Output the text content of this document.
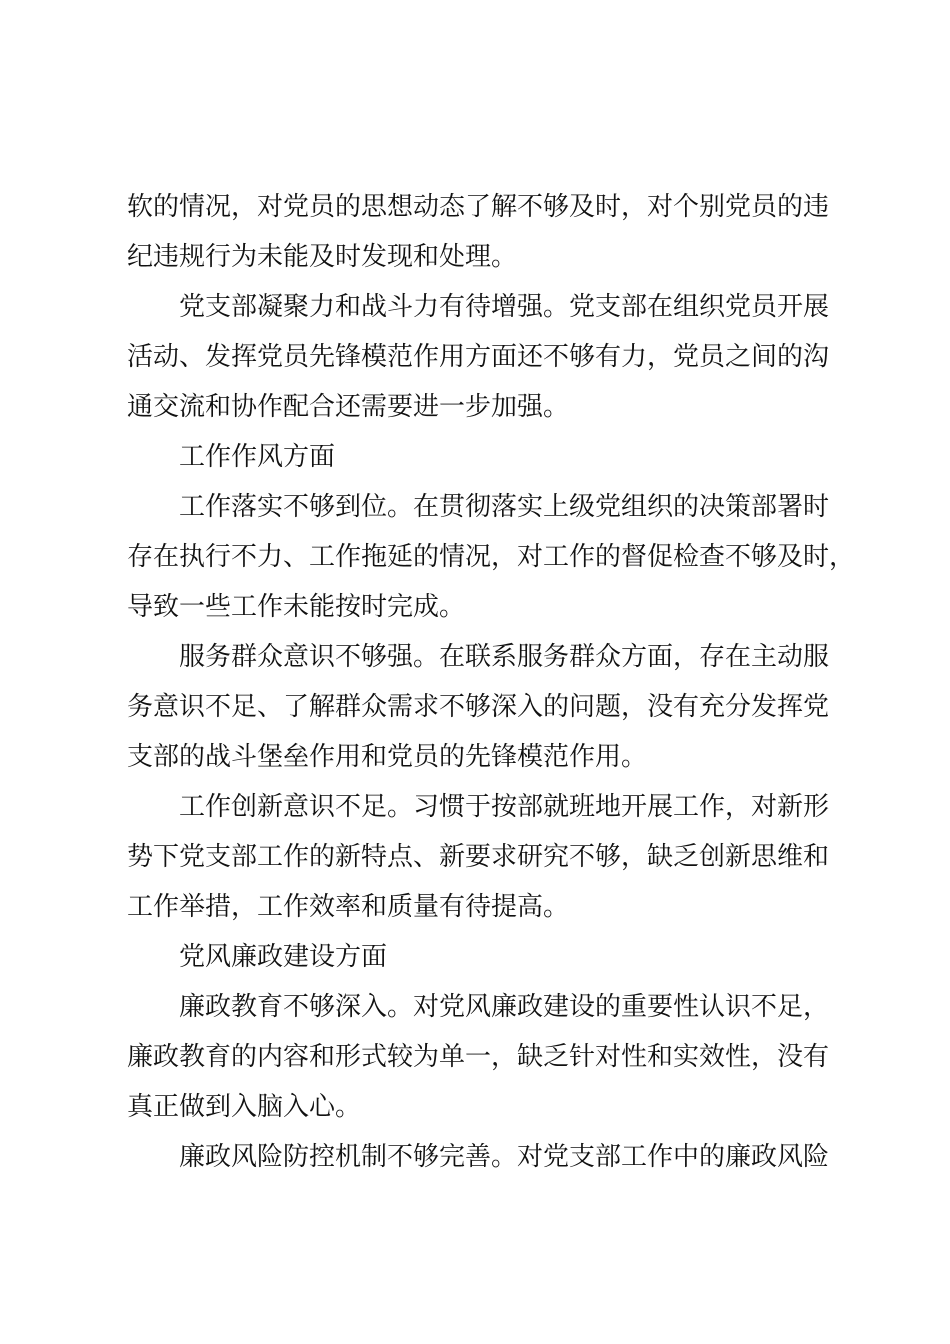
软的情况，对党员的思想动态了解不够及时，对个别党员的违
纪违规行为未能及时发现和处理。
党支部凝聚力和战斗力有待增强。党支部在组织党员开展
活动、发挥党员先锋模范作用方面还不够有力，党员之间的沟
通交流和协作配合还需要进一步加强。
工作作风方面
工作落实不够到位。在贯彻落实上级党组织的决策部署时
存在执行不力、工作拖延的情况，对工作的督促检查不够及时，
导致一些工作未能按时完成。
服务群众意识不够强。在联系服务群众方面，存在主动服
务意识不足、了解群众需求不够深入的问题，没有充分发挥党
支部的战斗堡垒作用和党员的先锋模范作用。
工作创新意识不足。习惯于按部就班地开展工作，对新形
势下党支部工作的新特点、新要求研究不够，缺乏创新思维和
工作举措，工作效率和质量有待提高。
党风廉政建设方面
廉政教育不够深入。对党风廉政建设的重要性认识不足，
廉政教育的内容和形式较为单一，缺乏针对性和实效性，没有
真正做到入脑入心。
廉政风险防控机制不够完善。对党支部工作中的廉政风险
